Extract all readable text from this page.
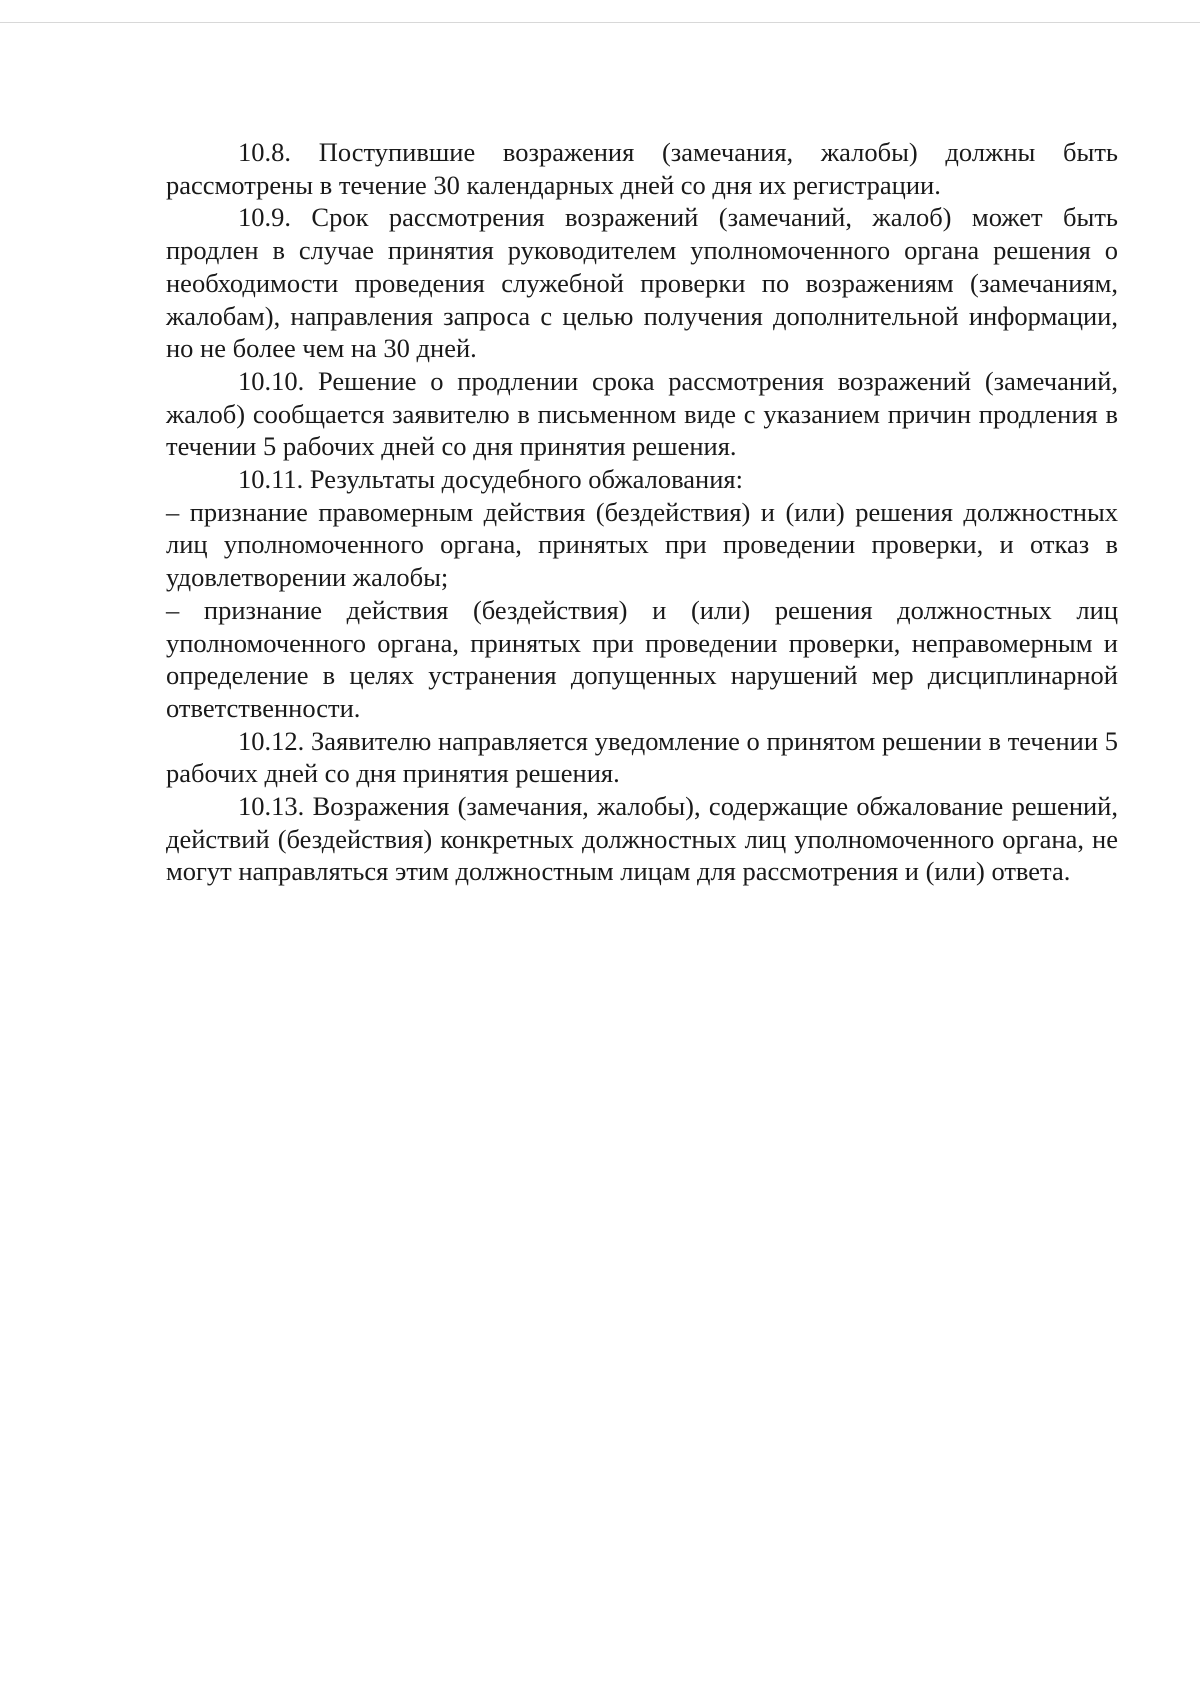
10.8. Поступившие возражения (замечания, жалобы) должны быть рассмотрены в течение 30 календарных дней со дня их регистрации.

10.9. Срок рассмотрения возражений (замечаний, жалоб) может быть продлен в случае принятия руководителем уполномоченного органа решения о необходимости проведения служебной проверки по возражениям (замечаниям, жалобам), направления запроса с целью получения дополнительной информации, но не более чем на 30 дней.

10.10. Решение о продлении срока рассмотрения возражений (замечаний, жалоб) сообщается заявителю в письменном виде с указанием причин продления в течении 5 рабочих дней со дня принятия решения.

10.11. Результаты досудебного обжалования:

– признание правомерным действия (бездействия) и (или) решения должностных лиц уполномоченного органа, принятых при проведении проверки, и отказ в удовлетворении жалобы;

– признание действия (бездействия) и (или) решения должностных лиц уполномоченного органа, принятых при проведении проверки, неправомерным и определение в целях устранения допущенных нарушений мер дисциплинарной ответственности.

10.12. Заявителю направляется уведомление о принятом решении в течении 5 рабочих дней со дня принятия решения.

10.13. Возражения (замечания, жалобы), содержащие обжалование решений, действий (бездействия) конкретных должностных лиц уполномоченного органа, не могут направляться этим должностным лицам для рассмотрения и (или) ответа.
